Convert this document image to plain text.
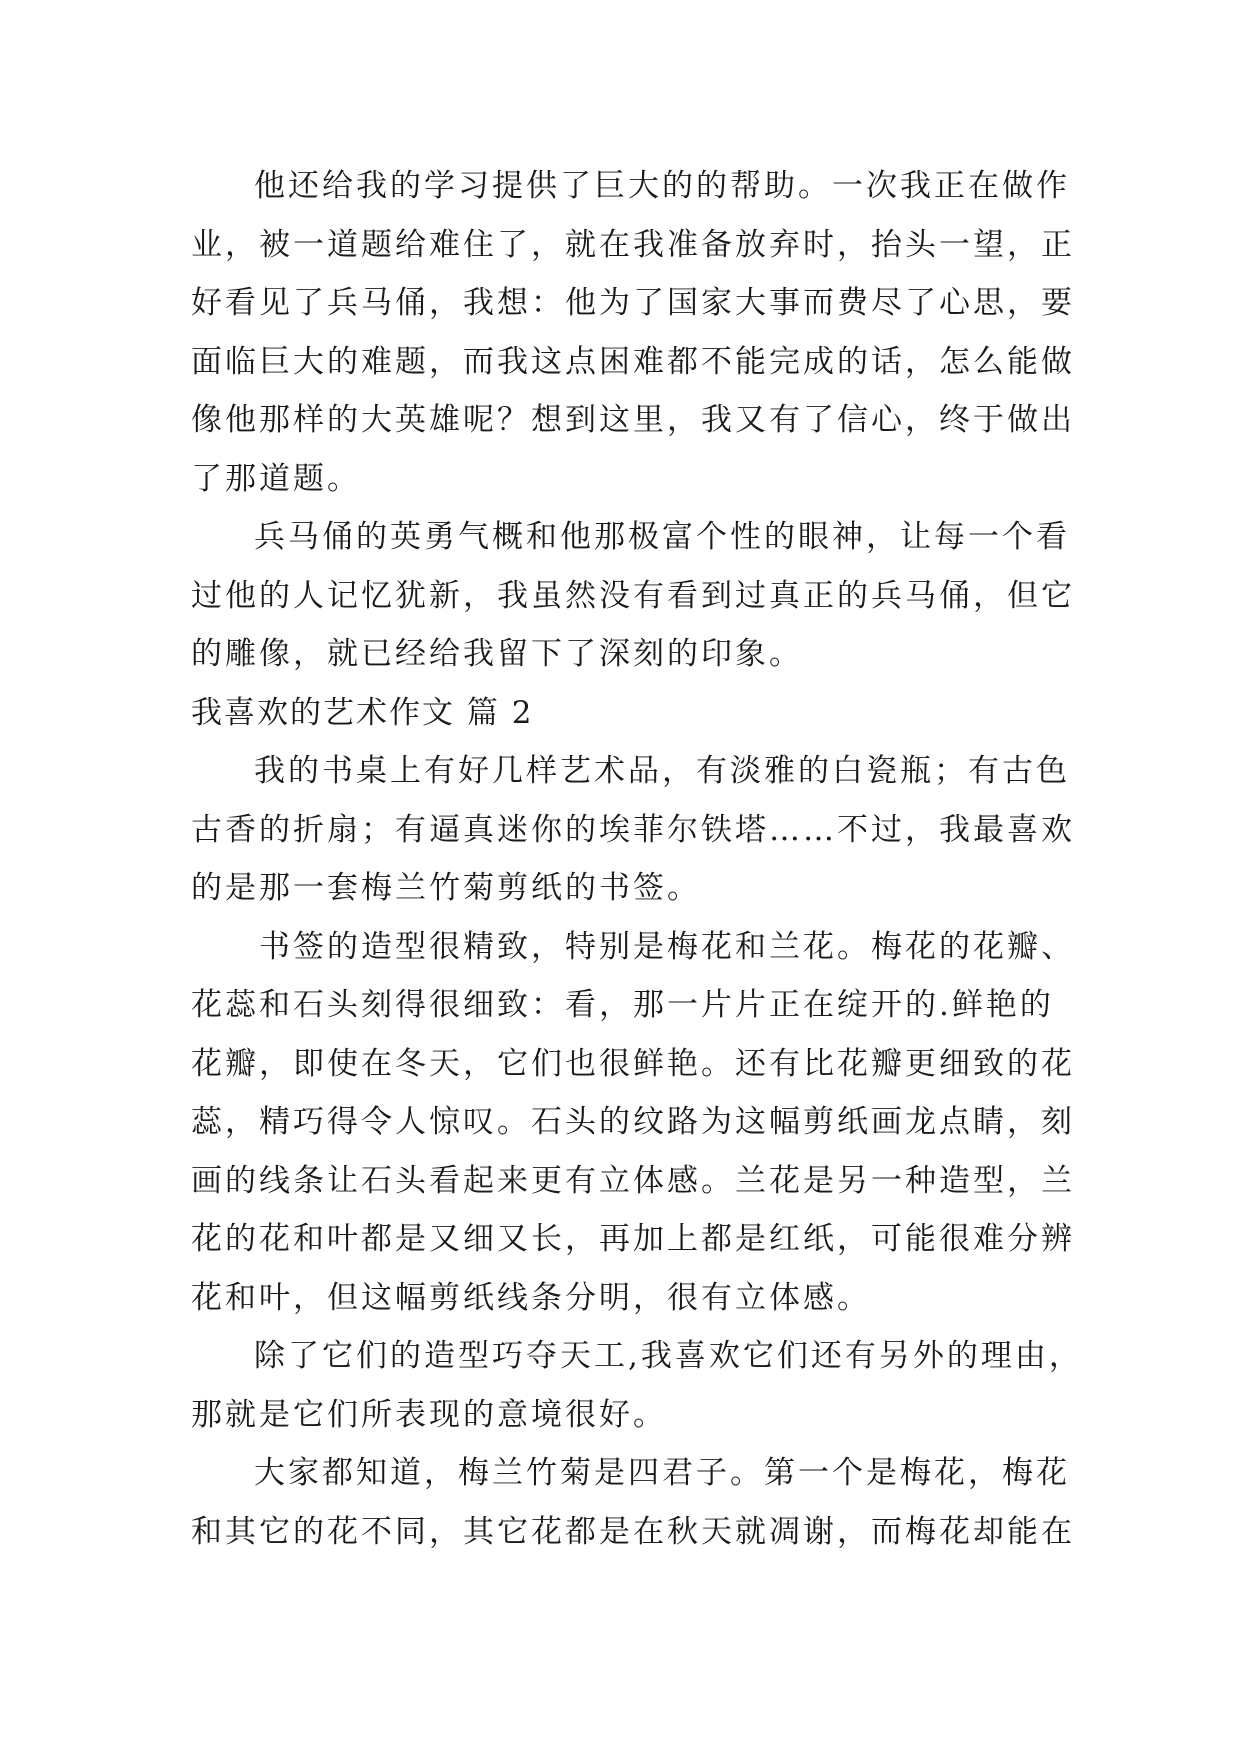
他还给我的学习提供了巨大的的帮助。一次我正在做作
业，被一道题给难住了，就在我准备放弃时，抬头一望，正
好看见了兵马俑，我想：他为了国家大事而费尽了心思，要
面临巨大的难题，而我这点困难都不能完成的话，怎么能做
像他那样的大英雄呢？想到这里，我又有了信心，终于做出
了那道题。
兵马俑的英勇气概和他那极富个性的眼神，让每一个看
过他的人记忆犹新，我虽然没有看到过真正的兵马俑，但它
的雕像，就已经给我留下了深刻的印象。
我喜欢的艺术作文 篇 2
我的书桌上有好几样艺术品，有淡雅的白瓷瓶；有古色
古香的折扇；有逼真迷你的埃菲尔铁塔……不过，我最喜欢
的是那一套梅兰竹菊剪纸的书签。
书签的造型很精致，特别是梅花和兰花。梅花的花瓣、
花蕊和石头刻得很细致：看，那一片片正在绽开的.鲜艳的
花瓣，即使在冬天，它们也很鲜艳。还有比花瓣更细致的花
蕊，精巧得令人惊叹。石头的纹路为这幅剪纸画龙点睛，刻
画的线条让石头看起来更有立体感。兰花是另一种造型，兰
花的花和叶都是又细又长，再加上都是红纸，可能很难分辨
花和叶，但这幅剪纸线条分明，很有立体感。
除了它们的造型巧夺天工,我喜欢它们还有另外的理由，
那就是它们所表现的意境很好。
大家都知道，梅兰竹菊是四君子。第一个是梅花，梅花
和其它的花不同，其它花都是在秋天就凋谢，而梅花却能在
